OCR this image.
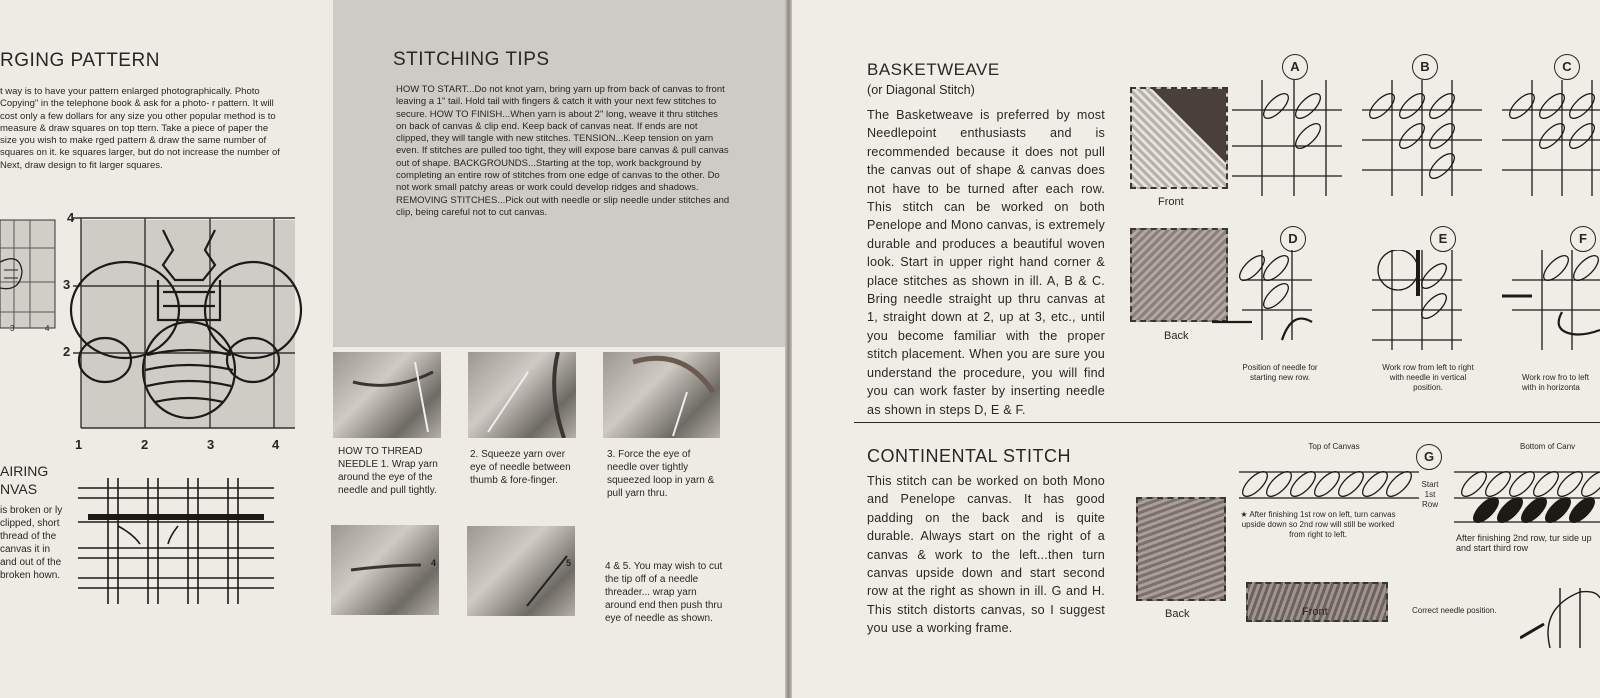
RGING PATTERN
t way is to have your pattern enlarged photographically. Photo Copying" in the telephone book & ask for a photo- r pattern. It will cost only a few dollars for any size you other popular method is to measure & draw squares on top ttern. Take a piece of paper the size you wish to make rged pattern & draw the same number of squares on it. ke squares larger, but do not increase the number of Next, draw design to fit larger squares.
3	4
4
3
2
1	2	3	4
AIRING
NVAS
is broken or ly clipped, short thread of the canvas it in and out of the broken hown.
STITCHING TIPS
HOW TO START...Do not knot yarn, bring yarn up from back of canvas to front leaving a 1" tail. Hold tail with fingers & catch it with your next few stitches to secure. HOW TO FINISH...When yarn is about 2" long, weave it thru stitches on back of canvas & clip end. Keep back of canvas neat. If ends are not clipped, they will tangle with new stitches. TENSION...Keep tension on yarn even. If stitches are pulled too tight, they will expose bare canvas & pull canvas out of shape. BACKGROUNDS...Starting at the top, work background by completing an entire row of stitches from one edge of canvas to the other. Do not work small patchy areas or work could develop ridges and shadows. REMOVING STITCHES...Pick out with needle or slip needle under stitches and clip, being careful not to cut canvas.
4	5
HOW TO THREAD NEEDLE 1. Wrap yarn around the eye of the needle and pull tightly.
2. Squeeze yarn over eye of needle between thumb & fore-finger.
3. Force the eye of needle over tightly squeezed loop in yarn & pull yarn thru.
4 & 5. You may wish to cut the tip off of a needle threader... wrap yarn around end then push thru eye of needle as shown.
BASKETWEAVE
(or Diagonal Stitch)
The Basketweave is preferred by most Needlepoint enthusiasts and is recommended because it does not pull the canvas out of shape & canvas does not have to be turned after each row. This stitch can be worked on both Penelope and Mono canvas, is extremely durable and produces a beautiful woven look. Start in upper right hand corner & place stitches as shown in ill. A, B & C. Bring needle straight up thru canvas at 1, straight down at 2, up at 3, etc., until you become familiar with the proper stitch placement. When you are sure you understand the procedure, you will find you can work faster by inserting needle as shown in steps D, E & F.
Front
Back
A	B	C
D	E	F
Position of needle for starting new row.
Work row from left to right with needle in vertical position.
Work row fro to left with in horizonta
CONTINENTAL STITCH
This stitch can be worked on both Mono and Penelope canvas. It has good padding on the back and is quite durable. Always start on the right of a canvas & work to the left...then turn canvas upside down and start second row at the right as shown in ill. G and H. This stitch distorts canvas, so I suggest you use a working frame.
Back	Front
Top of Canvas
G
Start 1st Row
★ After finishing 1st row on left, turn canvas upside down so 2nd row will still be worked from right to left.
Bottom of Canv
After finishing 2nd row, tur side up and start third row
Correct needle position.
